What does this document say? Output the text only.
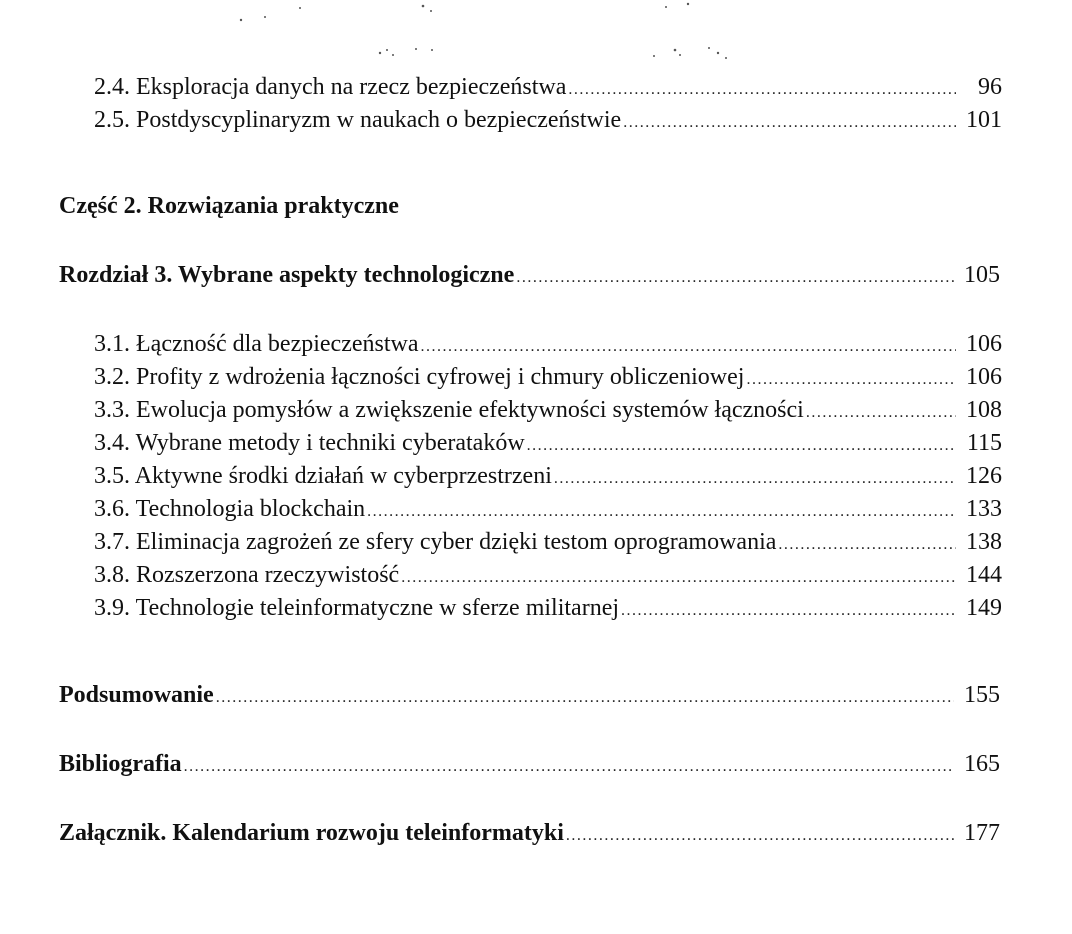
2.4. Eksploracja danych na rzecz bezpieczeństwa .....	96
2.5. Postdyscyplinaryzm w naukach o bezpieczeństwie .....	101
Część 2. Rozwiązania praktyczne
Rozdział 3. Wybrane aspekty technologiczne .....	105
3.1. Łączność dla bezpieczeństwa .....	106
3.2. Profity z wdrożenia łączności cyfrowej i chmury obliczeniowej .....	106
3.3. Ewolucja pomysłów a zwiększenie efektywności systemów łączności .....	108
3.4. Wybrane metody i techniki cyberataków .....	115
3.5. Aktywne środki działań w cyberprzestrzeni .....	126
3.6. Technologia blockchain .....	133
3.7. Eliminacja zagrożeń ze sfery cyber dzięki testom oprogramowania .....	138
3.8. Rozszerzona rzeczywistość .....	144
3.9. Technologie teleinformatyczne w sferze militarnej .....	149
Podsumowanie .....	155
Bibliografia .....	165
Załącznik. Kalendarium rozwoju teleinformatyki .....	177
